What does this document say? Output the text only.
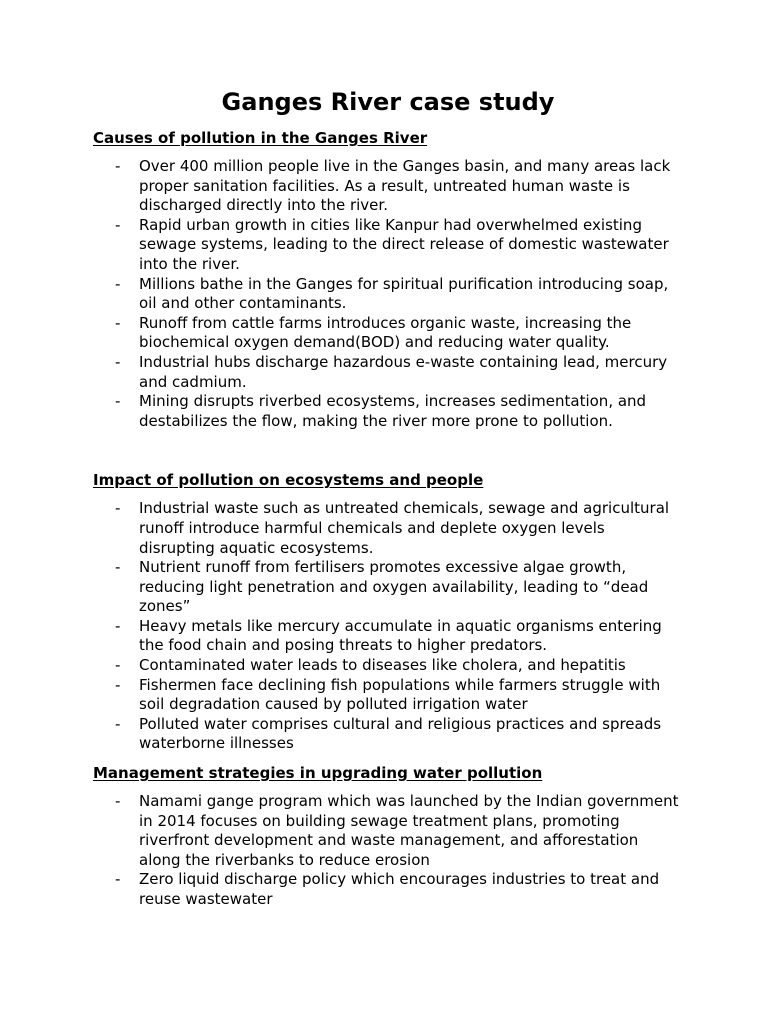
Ganges River case study
Causes of pollution in the Ganges River
- Over 400 million people live in the Ganges basin, and many areas lack proper sanitation facilities. As a result, untreated human waste is discharged directly into the river.
- Rapid urban growth in cities like Kanpur had overwhelmed existing sewage systems, leading to the direct release of domestic wastewater into the river.
- Millions bathe in the Ganges for spiritual purification introducing soap, oil and other contaminants.
- Runoff from cattle farms introduces organic waste, increasing the biochemical oxygen demand(BOD) and reducing water quality.
- Industrial hubs discharge hazardous e-waste containing lead, mercury and cadmium.
- Mining disrupts riverbed ecosystems, increases sedimentation, and destabilizes the flow, making the river more prone to pollution.
Impact of pollution on ecosystems and people
- Industrial waste such as untreated chemicals, sewage and agricultural runoff introduce harmful chemicals and deplete oxygen levels disrupting aquatic ecosystems.
- Nutrient runoff from fertilisers promotes excessive algae growth, reducing light penetration and oxygen availability, leading to “dead zones”
- Heavy metals like mercury accumulate in aquatic organisms entering the food chain and posing threats to higher predators.
- Contaminated water leads to diseases like cholera, and hepatitis
- Fishermen face declining fish populations while farmers struggle with soil degradation caused by polluted irrigation water
- Polluted water comprises cultural and religious practices and spreads waterborne illnesses
Management strategies in upgrading water pollution
- Namami gange program which was launched by the Indian government in 2014 focuses on building sewage treatment plans, promoting riverfront development and waste management, and afforestation along the riverbanks to reduce erosion
- Zero liquid discharge policy which encourages industries to treat and reuse wastewater
